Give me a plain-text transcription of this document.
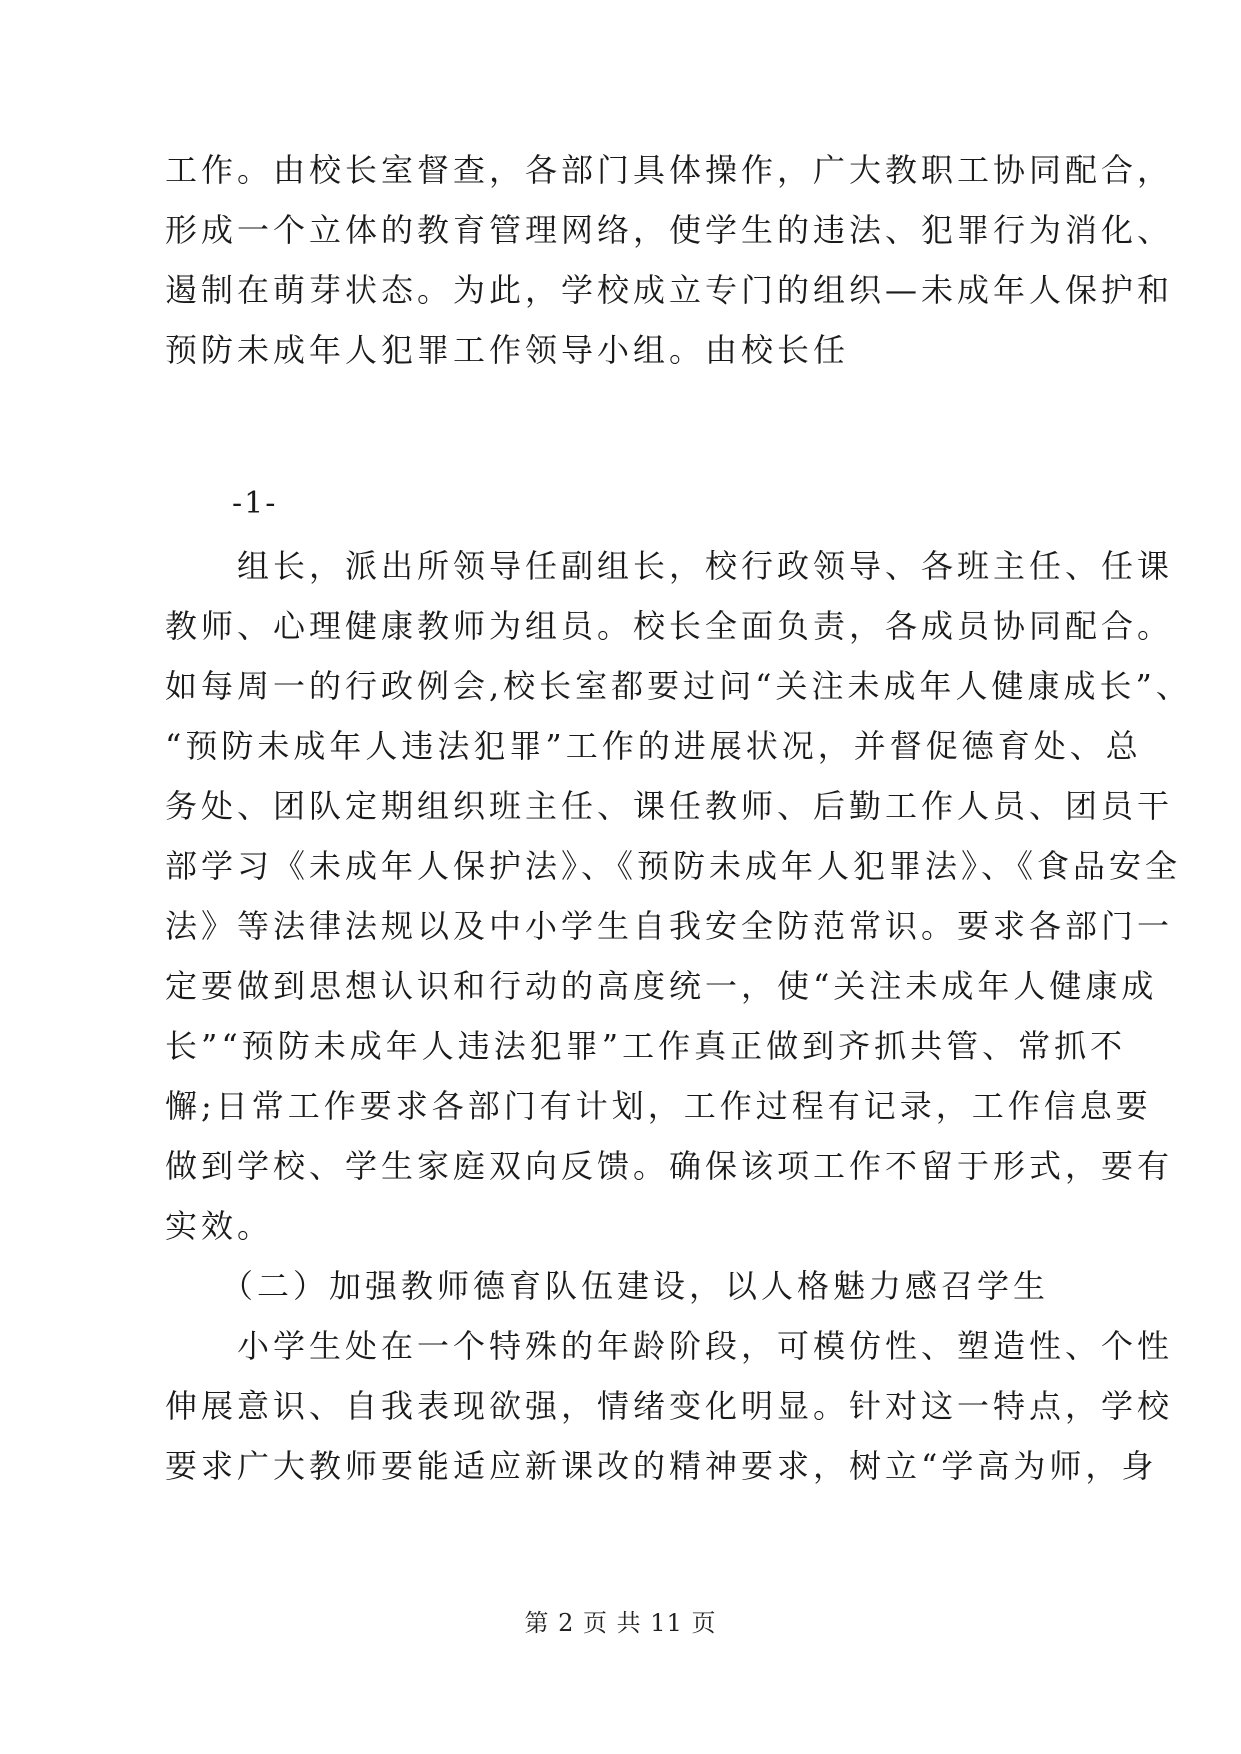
工作。由校长室督查，各部门具体操作，广大教职工协同配合，
形成一个立体的教育管理网络，使学生的违法、犯罪行为消化、
遏制在萌芽状态。为此，学校成立专门的组织—未成年人保护和
预防未成年人犯罪工作领导小组。由校长任
-1-
　　组长，派出所领导任副组长，校行政领导、各班主任、任课
教师、心理健康教师为组员。校长全面负责，各成员协同配合。
如每周一的行政例会,校长室都要过问“关注未成年人健康成长”、
“预防未成年人违法犯罪”工作的进展状况，并督促德育处、总
务处、团队定期组织班主任、课任教师、后勤工作人员、团员干
部学习《未成年人保护法》、《预防未成年人犯罪法》、《食品安全
法》等法律法规以及中小学生自我安全防范常识。要求各部门一
定要做到思想认识和行动的高度统一，使“关注未成年人健康成
长”“预防未成年人违法犯罪”工作真正做到齐抓共管、常抓不
懈;日常工作要求各部门有计划，工作过程有记录，工作信息要
做到学校、学生家庭双向反馈。确保该项工作不留于形式，要有
实效。
　　（二）加强教师德育队伍建设，以人格魅力感召学生
　　小学生处在一个特殊的年龄阶段，可模仿性、塑造性、个性
伸展意识、自我表现欲强，情绪变化明显。针对这一特点，学校
要求广大教师要能适应新课改的精神要求，树立“学高为师，身
第 2 页 共 11 页
